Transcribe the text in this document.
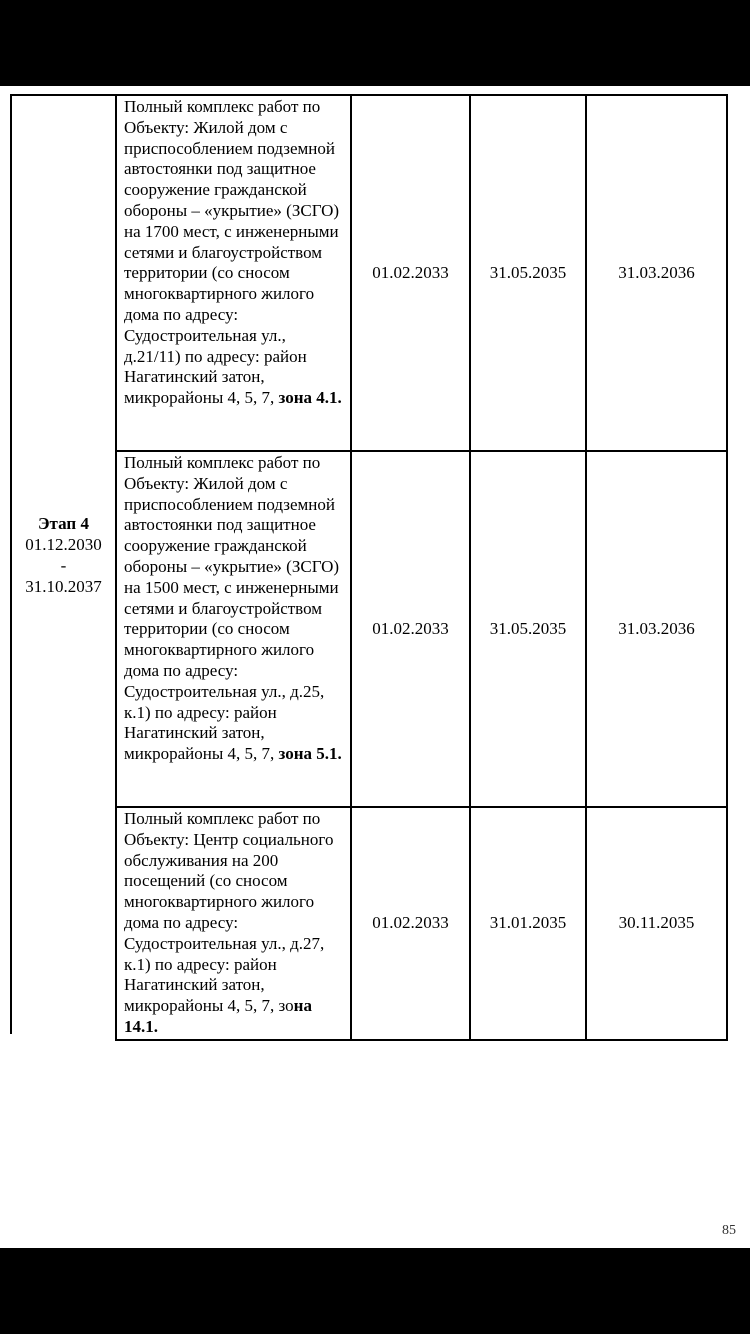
Этап 4
01.12.2030
-
31.10.2037
Полный комплекс работ по Объекту: Жилой дом с приспособлением подземной автостоянки под защитное сооружение гражданской обороны – «укрытие» (ЗСГО) на 1700 мест, с инженерными сетями и благоустройством территории (со сносом многоквартирного жилого дома по адресу: Судостроительная ул., д.21/11) по адресу: район Нагатинский затон, микрорайоны 4, 5, 7, зона 4.1.	01.02.2033	31.05.2035	31.03.2036
Полный комплекс работ по Объекту: Жилой дом с приспособлением подземной автостоянки под защитное сооружение гражданской обороны – «укрытие» (ЗСГО) на 1500 мест, с инженерными сетями и благоустройством территории (со сносом многоквартирного жилого дома по адресу: Судостроительная ул., д.25, к.1) по адресу: район Нагатинский затон, микрорайоны 4, 5, 7, зона 5.1.	01.02.2033	31.05.2035	31.03.2036
Полный комплекс работ по Объекту: Центр социального обслуживания на 200 посещений (со сносом многоквартирного жилого дома по адресу: Судостроительная ул., д.27, к.1) по адресу: район Нагатинский затон, микрорайоны 4, 5, 7, зона 14.1.	01.02.2033	31.01.2035	30.11.2035
85
